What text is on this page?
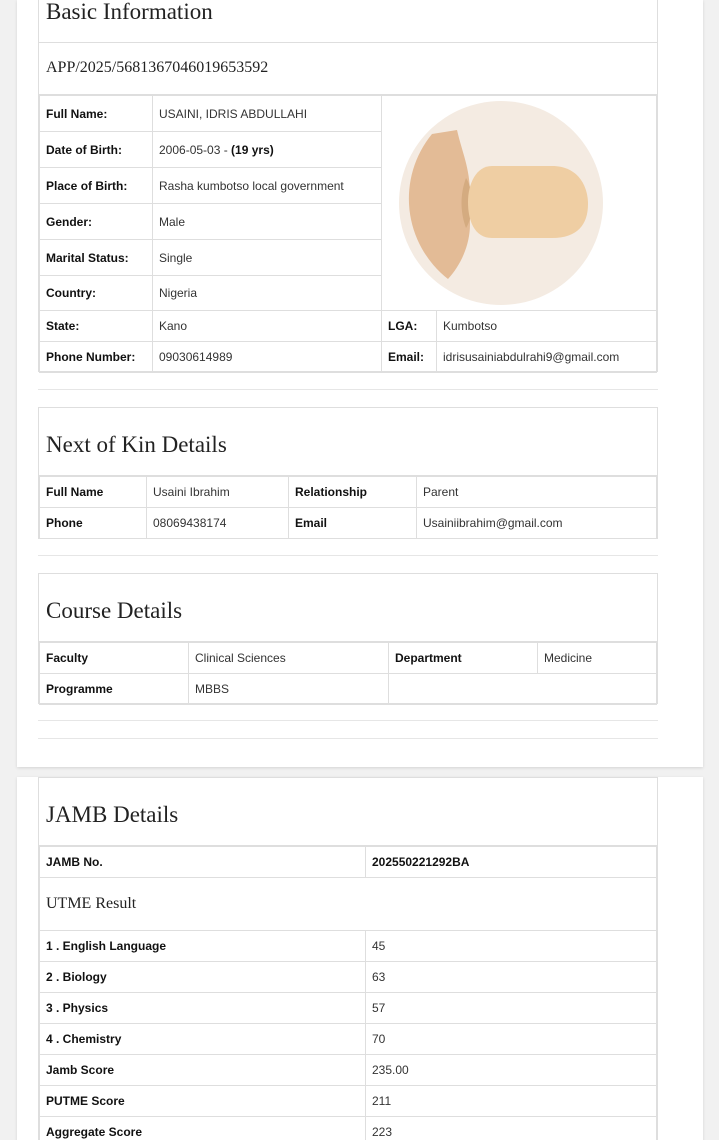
Basic Information
APP/2025/5681367046019653592
Full Name:	USAINI, IDRIS ABDULLAHI	

Date of Birth:	2006-05-03 - (19 yrs)		
Place of Birth:	Rasha kumbotso local government		
Gender:	Male		
Marital Status:	Single		
Country:	Nigeria		
State:	Kano	LGA:	Kumbotso
Phone Number:	09030614989	Email:	idrisusainiabdulrahi9@gmail.com
Next of Kin Details
Full Name	Usaini Ibrahim	Relationship	Parent
Phone	08069438174	Email	Usainiibrahim@gmail.com
Course Details
Faculty	Clinical Sciences	Department	Medicine
Programme	MBBS		
JAMB Details
JAMB No.	202550221292BA
UTME Result	
1 . English Language	45
2 . Biology	63
3 . Physics	57
4 . Chemistry	70
Jamb Score	235.00
PUTME Score	211
Aggregate Score	223
